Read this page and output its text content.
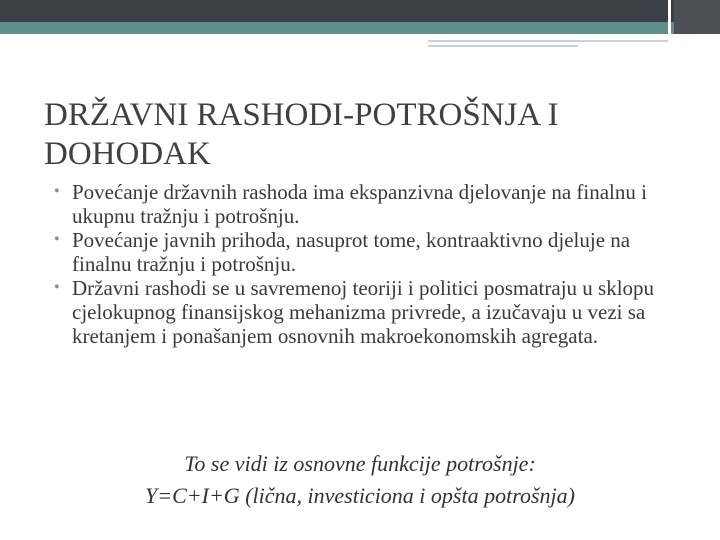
DRŽAVNI RASHODI-POTROŠNJA I DOHODAK
• Povećanje državnih rashoda ima ekspanzivna djelovanje na finalnu i ukupnu tražnju i potrošnju.
• Povećanje javnih prihoda, nasuprot tome, kontraaktivno djeluje na finalnu tražnju i potrošnju.
• Državni rashodi se u savremenoj teoriji i politici posmatraju u sklopu cjelokupnog finansijskog mehanizma privrede, a izučavaju u vezi sa kretanjem i ponašanjem osnovnih makroekonomskih agregata.
To se vidi iz osnovne funkcije potrošnje:
Y=C+I+G (lična, investiciona i opšta potrošnja)
